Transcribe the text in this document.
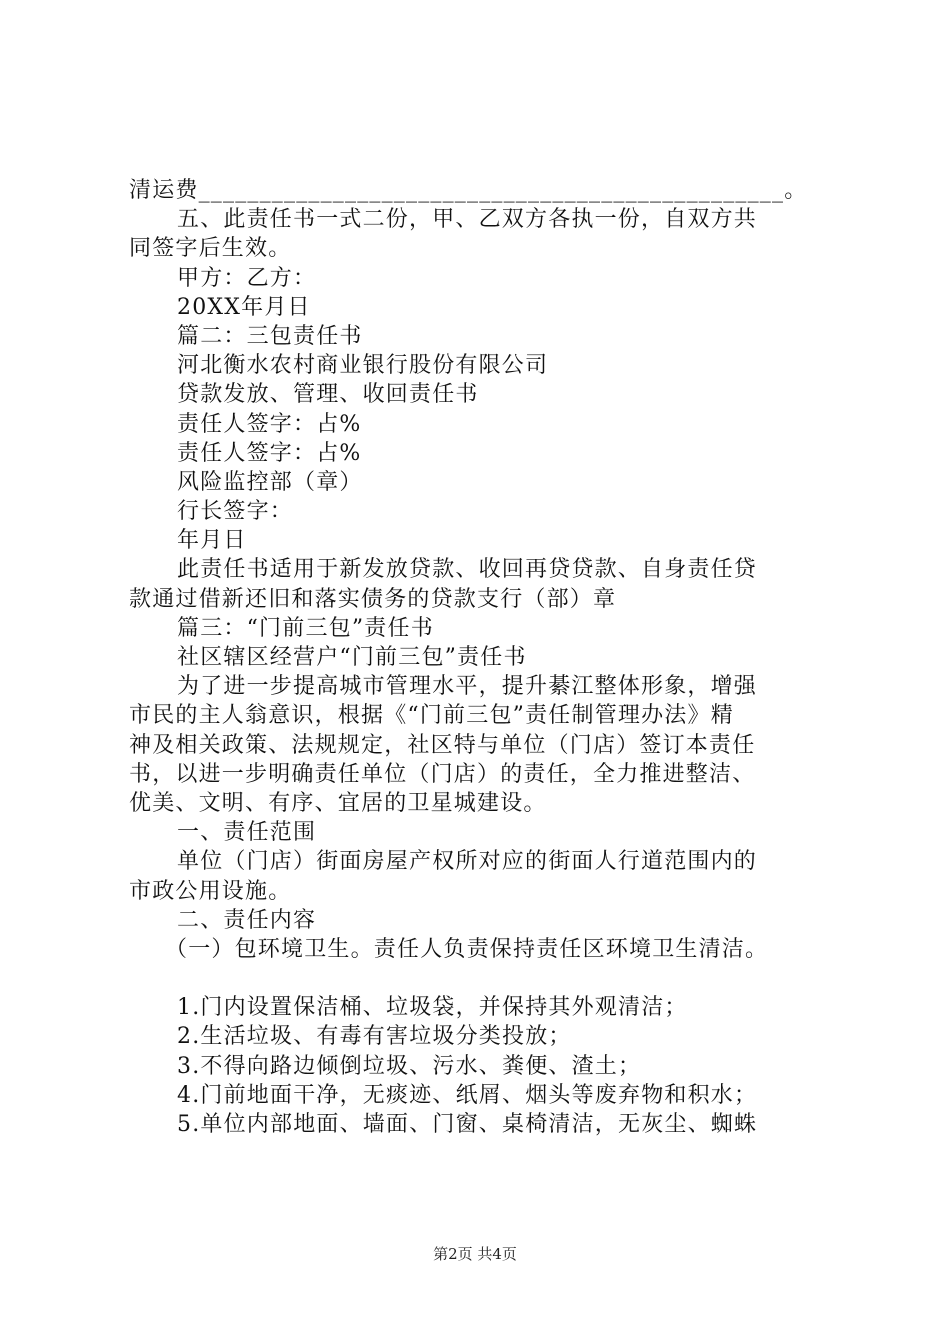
清运费________________________________________________。
五、此责任书一式二份，甲、乙双方各执一份，自双方共
同签字后生效。
甲方：乙方：
20XX年月日
篇二：三包责任书
河北衡水农村商业银行股份有限公司
贷款发放、管理、收回责任书
责任人签字：占%
责任人签字：占%
风险监控部（章）
行长签字：
年月日
此责任书适用于新发放贷款、收回再贷贷款、自身责任贷
款通过借新还旧和落实债务的贷款支行（部）章
篇三：“门前三包”责任书
社区辖区经营户“门前三包”责任书
为了进一步提高城市管理水平，提升綦江整体形象，增强
市民的主人翁意识，根据《“门前三包”责任制管理办法》精
神及相关政策、法规规定，社区特与单位（门店）签订本责任
书，以进一步明确责任单位（门店）的责任，全力推进整洁、
优美、文明、有序、宜居的卫星城建设。
一、责任范围
单位（门店）街面房屋产权所对应的街面人行道范围内的
市政公用设施。
二、责任内容
（一）包环境卫生。责任人负责保持责任区环境卫生清洁。
1.门内设置保洁桶、垃圾袋，并保持其外观清洁；
2.生活垃圾、有毒有害垃圾分类投放；
3.不得向路边倾倒垃圾、污水、粪便、渣土；
4.门前地面干净，无痰迹、纸屑、烟头等废弃物和积水；
5.单位内部地面、墙面、门窗、桌椅清洁，无灰尘、蜘蛛
第2页 共4页
